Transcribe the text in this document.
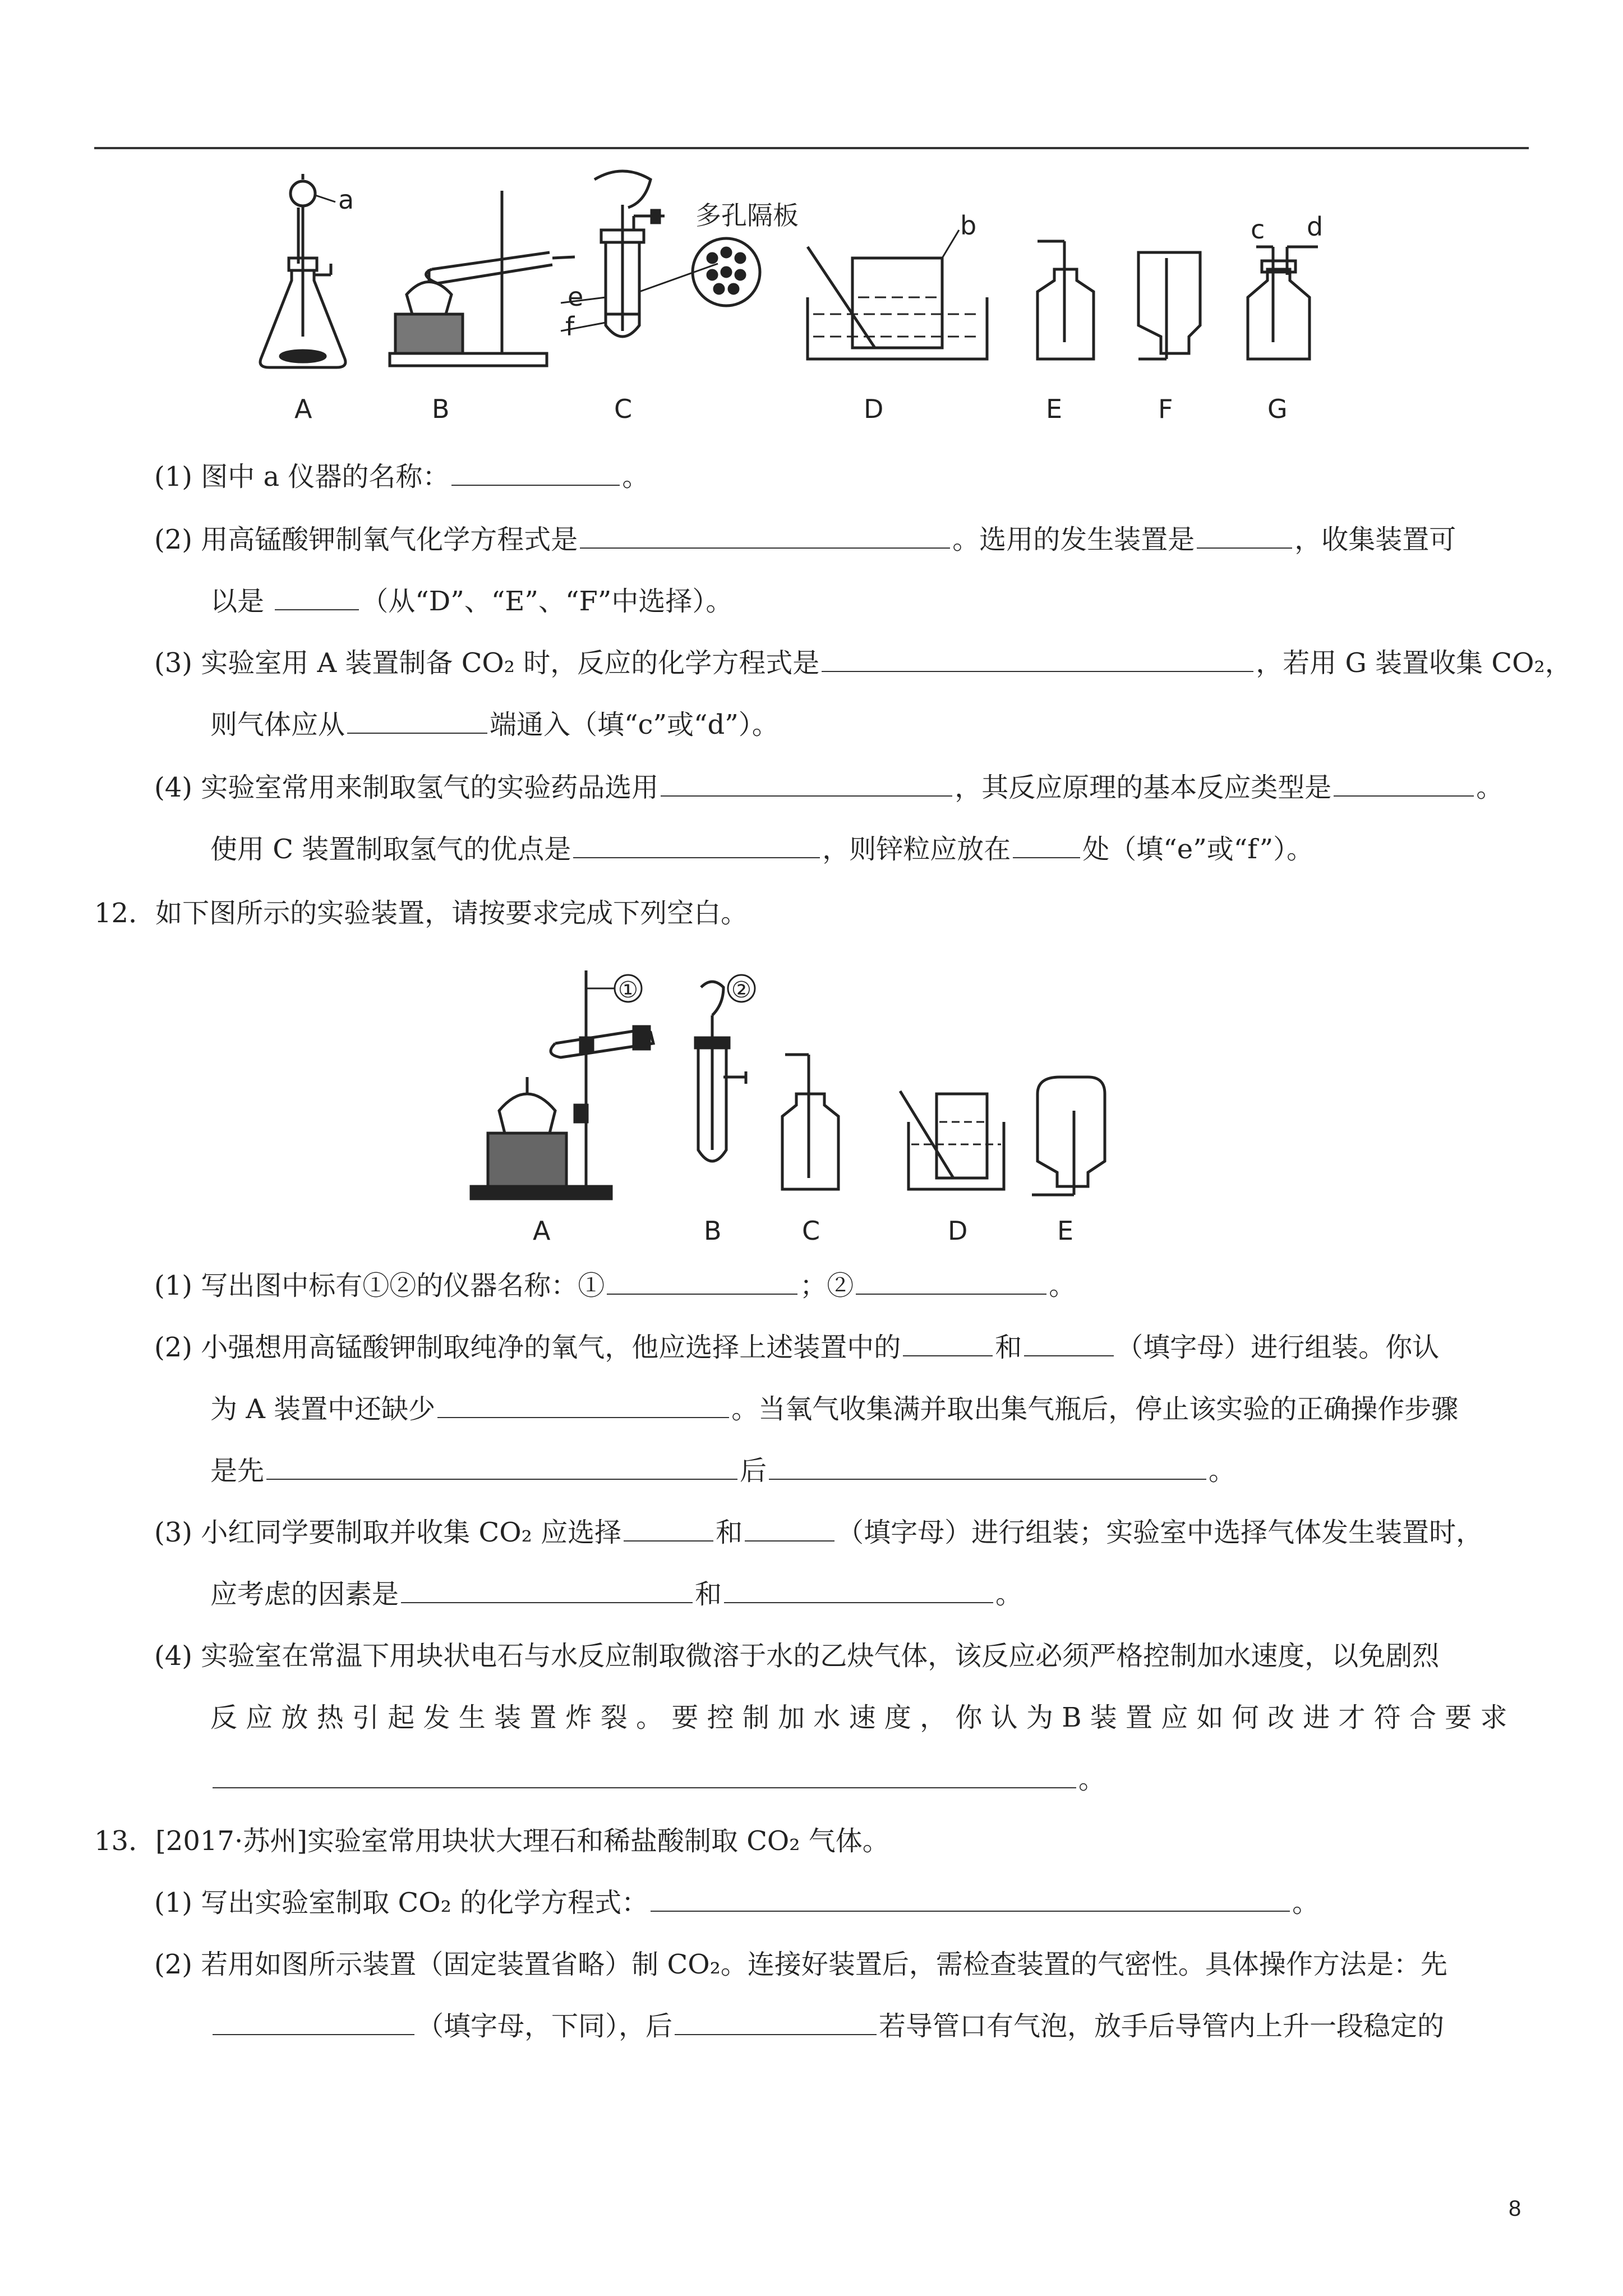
a
e
f
多孔隔板	b	c d
A	B	C	D	E	F	G
(1) 图中 a 仪器的名称：	。
(2) 用高锰酸钾制氧气化学方程式是	。选用的发生装置是	，收集装置可
以是	（从“D”、“E”、“F”中选择）。
(3) 实验室用 A 装置制备 CO₂ 时，反应的化学方程式是	，若用 G 装置收集 CO₂，
则气体应从	端通入（填“c”或“d”）。
(4) 实验室常用来制取氢气的实验药品选用	，其反应原理的基本反应类型是	。
使用 C 装置制取氢气的优点是	，则锌粒应放在	处（填“e”或“f”）。
12．如下图所示的实验装置，请按要求完成下列空白。
①	②
A	B	C	D	E
(1) 写出图中标有①②的仪器名称：①	；②	。
(2) 小强想用高锰酸钾制取纯净的氧气，他应选择上述装置中的	和	（填字母）进行组装。你认
为 A 装置中还缺少	。当氧气收集满并取出集气瓶后，停止该实验的正确操作步骤
是先	后	。
(3) 小红同学要制取并收集 CO₂ 应选择	和	（填字母）进行组装；实验室中选择气体发生装置时，
应考虑的因素是	和	。
(4) 实验室在常温下用块状电石与水反应制取微溶于水的乙炔气体，该反应必须严格控制加水速度，以免剧烈
反 应 放 热 引 起 发 生 装 置 炸 裂 。 要 控 制 加 水 速 度 ， 你 认 为 B 装 置 应 如 何 改 进 才 符 合 要 求
。
13．[2017·苏州]实验室常用块状大理石和稀盐酸制取 CO₂ 气体。
(1) 写出实验室制取 CO₂ 的化学方程式：	。
(2) 若用如图所示装置（固定装置省略）制 CO₂。连接好装置后，需检查装置的气密性。具体操作方法是：先
（填字母，下同），后	若导管口有气泡，放手后导管内上升一段稳定的
8
